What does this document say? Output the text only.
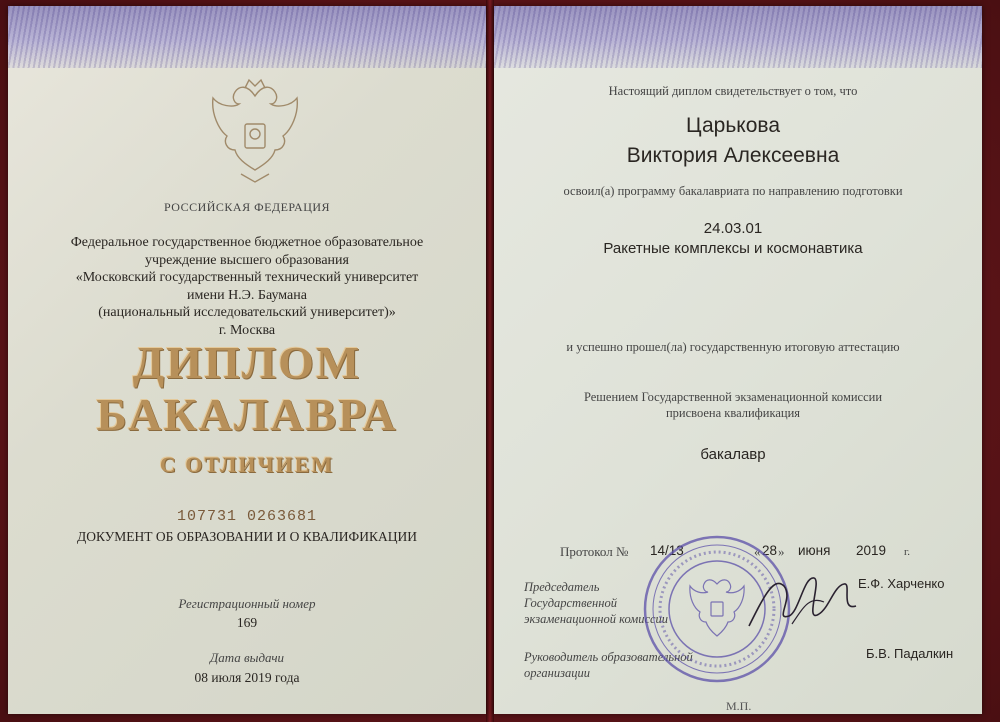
РОССИЙСКАЯ ФЕДЕРАЦИЯ
Федеральное государственное бюджетное образовательное
учреждение высшего образования
«Московский государственный технический университет
имени Н.Э. Баумана
(национальный исследовательский университет)»
г. Москва
ДИПЛОМ
БАКАЛАВРА
С ОТЛИЧИЕМ
107731 0263681
ДОКУМЕНТ ОБ ОБРАЗОВАНИИ И О КВАЛИФИКАЦИИ
Регистрационный номер
169
Дата выдачи
08 июля 2019 года
Настоящий диплом свидетельствует о том, что
Царькова
Виктория Алексеевна
освоил(а) программу бакалавриата по направлению подготовки
24.03.01
Ракетные комплексы и космонавтика
и успешно прошел(ла) государственную итоговую аттестацию
Решением Государственной экзаменационной комиссии
присвоена квалификация
бакалавр
Протокол № 14/13	« 28 » июня 2019 г.
Председатель
Государственной
экзаменационной комиссии
Е.Ф. Харченко
Руководитель образовательной
организации
Б.В. Падалкин
М.П.
